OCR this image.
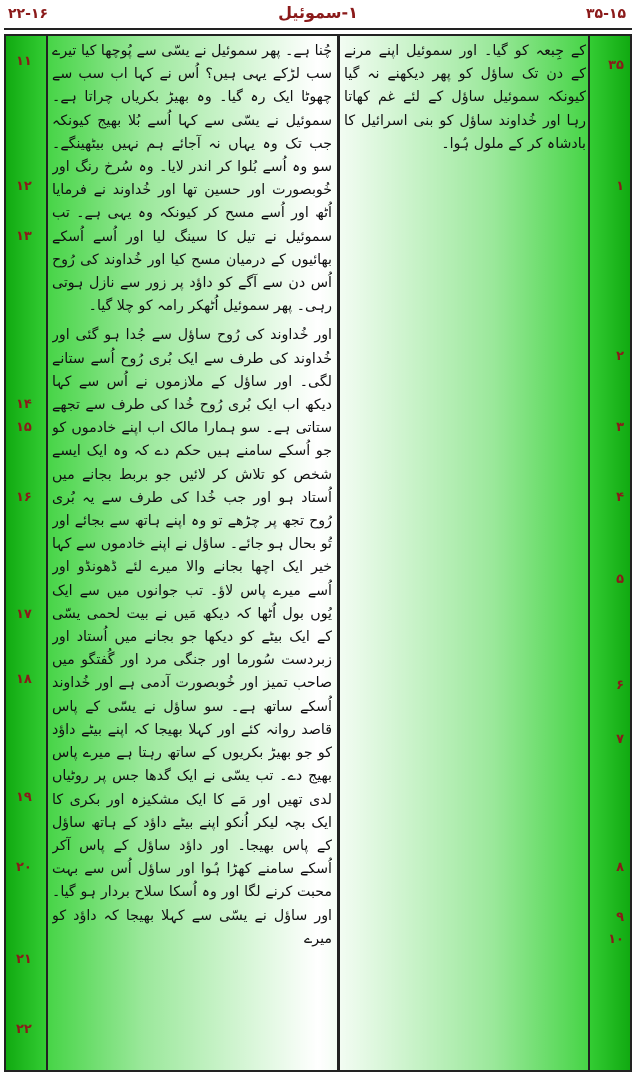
۲۲-۱۶	۱-سموئیل	۳۵-۱۵

کے جِبعہ کو گیا۔ اور سموئیل اپنے مرنے کے دن تک ساؤل کو پھر دیکھنے نہ گیا کیونکہ سموئیل ساؤل کے لئے غم کھاتا رہا اور خُداوند ساؤل کو بنی اسرائیل کا بادشاہ کر کے ملول ہُوا۔

چُنا ہے۔ پھر سموئیل نے یسّی سے پُوچھا کیا تیرے سب لڑکے یہی ہیں؟ اُس نے کہا اب سب سے چھوٹا ایک رہ گیا۔ وہ بھیڑ بکریاں چراتا ہے۔ سموئیل نے یسّی سے کہا اُسے بُلا بھیج کیونکہ جب تک وہ یہاں نہ آجائے ہم نہیں بیٹھینگے۔ سو وہ اُسے بُلوا کر اندر لایا۔ وہ سُرخ رنگ اور خُوبصورت اور حسین تھا اور خُداوند نے فرمایا اُٹھ اور اُسے مسح کر کیونکہ وہ یہی ہے۔ تب سموئیل نے تیل کا سینگ لیا اور اُسے اُسکے بھائیوں کے درمیان مسح کیا اور خُداوند کی رُوح اُس دن سے آگے کو داؤد پر زور سے نازل ہوتی رہی۔ پھر سموئیل اُٹھکر رامہ کو چلا گیا۔

اور خُداوند کی رُوح ساؤل سے جُدا ہو گئی اور خُداوند کی طرف سے ایک بُری رُوح اُسے ستانے لگی۔ اور ساؤل کے ملازموں نے اُس سے کہا دیکھ اب ایک بُری رُوح خُدا کی طرف سے تجھے ستاتی ہے۔ سو ہمارا مالک اب اپنے خادموں کو جو اُسکے سامنے ہیں حکم دے کہ وہ ایک ایسے شخص کو تلاش کر لائیں جو بربط بجانے میں اُستاد ہو اور جب خُدا کی طرف سے یہ بُری رُوح تجھ پر چڑھے تو وہ اپنے ہاتھ سے بجائے اور تُو بحال ہو جائے۔ ساؤل نے اپنے خادموں سے کہا خیر ایک اچھا بجانے والا میرے لئے ڈھونڈو اور اُسے میرے پاس لاؤ۔ تب جوانوں میں سے ایک یُوں بول اُٹھا کہ دیکھ مَیں نے بیت لحمی یسّی کے ایک بیٹے کو دیکھا جو بجانے میں اُستاد اور زبردست سُورما اور جنگی مرد اور گُفتگو میں صاحب تمیز اور خُوبصورت آدمی ہے اور خُداوند اُسکے ساتھ ہے۔ سو ساؤل نے یسّی کے پاس قاصد روانہ کئے اور کہلا بھیجا کہ اپنے بیٹے داؤد کو جو بھیڑ بکریوں کے ساتھ رہتا ہے میرے پاس بھیج دے۔ تب یسّی نے ایک گدھا جس پر روٹیاں لدی تھیں اور مَے کا ایک مشکیزہ اور بکری کا ایک بچہ لیکر اُنکو اپنے بیٹے داؤد کے ہاتھ ساؤل کے پاس بھیجا۔ اور داؤد ساؤل کے پاس آکر اُسکے سامنے کھڑا ہُوا اور ساؤل اُس سے بہت محبت کرنے لگا اور وہ اُسکا سلاح بردار ہو گیا۔ اور ساؤل نے یسّی سے کہلا بھیجا کہ داؤد کو میرے

۱۱
۱۲
۱۳
۱۴
۱۵
۱۶
۱۷
۱۸
۱۹
۲۰
۲۱
۲۲
۳۵
۱
۲
۳
۴
۵
۶
۷
۸
۹
۱۰
